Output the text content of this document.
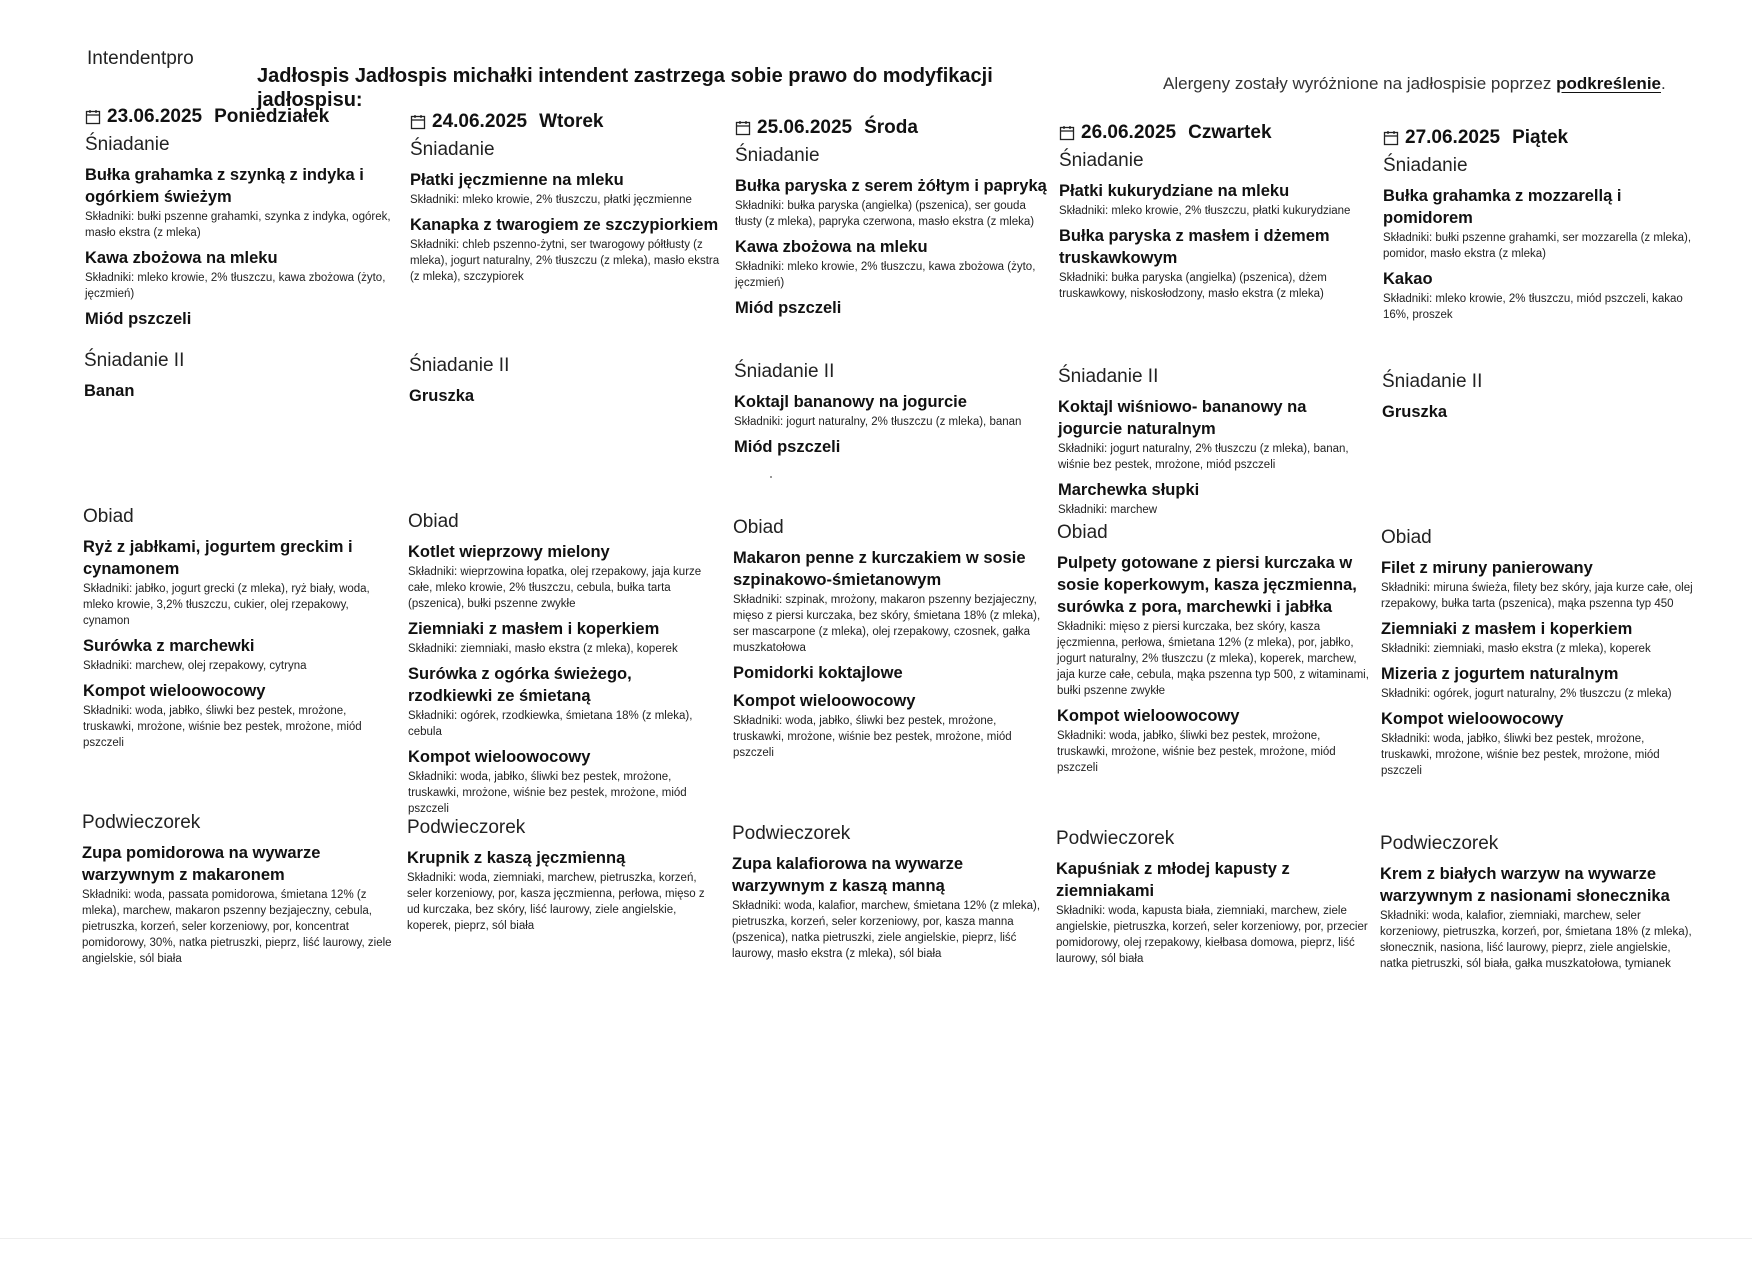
Intendentpro
Jadłospis Jadłospis michałki intendent zastrzega sobie prawo do modyfikacji jadłospisu:
Alergeny zostały wyróżnione na jadłospisie poprzez podkreślenie.
23.06.2025 Poniedziałek
Śniadanie
Bułka grahamka z szynką z indyka i ogórkiem świeżym
Składniki: bułki pszenne grahamki, szynka z indyka, ogórek, masło ekstra (z mleka)
Kawa zbożowa na mleku
Składniki: mleko krowie, 2% tłuszczu, kawa zbożowa (żyto, jęczmień)
Miód pszczeli
Śniadanie II
Banan
Obiad
Ryż z jabłkami, jogurtem greckim i cynamonem
Składniki: jabłko, jogurt grecki (z mleka), ryż biały, woda, mleko krowie, 3,2% tłuszczu, cukier, olej rzepakowy, cynamon
Surówka z marchewki
Składniki: marchew, olej rzepakowy, cytryna
Kompot wieloowocowy
Składniki: woda, jabłko, śliwki bez pestek, mrożone, truskawki, mrożone, wiśnie bez pestek, mrożone, miód pszczeli
Podwieczorek
Zupa pomidorowa na wywarze warzywnym z makaronem
Składniki: woda, passata pomidorowa, śmietana 12% (z mleka), marchew, makaron pszenny bezjajeczny, cebula, pietruszka, korzeń, seler korzeniowy, por, koncentrat pomidorowy, 30%, natka pietruszki, pieprz, liść laurowy, ziele angielskie, sól biała
24.06.2025 Wtorek
Śniadanie
Płatki jęczmienne na mleku
Składniki: mleko krowie, 2% tłuszczu, płatki jęczmienne
Kanapka z twarogiem ze szczypiorkiem
Składniki: chleb pszenno-żytni, ser twarogowy półtłusty (z mleka), jogurt naturalny, 2% tłuszczu (z mleka), masło ekstra (z mleka), szczypiorek
Śniadanie II
Gruszka
Obiad
Kotlet wieprzowy mielony
Składniki: wieprzowina łopatka, olej rzepakowy, jaja kurze całe, mleko krowie, 2% tłuszczu, cebula, bułka tarta (pszenica), bułki pszenne zwykłe
Ziemniaki z masłem i koperkiem
Składniki: ziemniaki, masło ekstra (z mleka), koperek
Surówka z ogórka świeżego, rzodkiewki ze śmietaną
Składniki: ogórek, rzodkiewka, śmietana 18% (z mleka), cebula
Kompot wieloowocowy
Składniki: woda, jabłko, śliwki bez pestek, mrożone, truskawki, mrożone, wiśnie bez pestek, mrożone, miód pszczeli
Podwieczorek
Krupnik z kaszą jęczmienną
Składniki: woda, ziemniaki, marchew, pietruszka, korzeń, seler korzeniowy, por, kasza jęczmienna, perłowa, mięso z ud kurczaka, bez skóry, liść laurowy, ziele angielskie, koperek, pieprz, sól biała
25.06.2025 Środa
Śniadanie
Bułka paryska z serem żółtym i papryką
Składniki: bułka paryska (angielka) (pszenica), ser gouda tłusty (z mleka), papryka czerwona, masło ekstra (z mleka)
Kawa zbożowa na mleku
Składniki: mleko krowie, 2% tłuszczu, kawa zbożowa (żyto, jęczmień)
Miód pszczeli
Śniadanie II
Koktajl bananowy na jogurcie
Składniki: jogurt naturalny, 2% tłuszczu (z mleka), banan
Miód pszczeli
Obiad
Makaron penne z kurczakiem w sosie szpinakowo-śmietanowym
Składniki: szpinak, mrożony, makaron pszenny bezjajeczny, mięso z piersi kurczaka, bez skóry, śmietana 18% (z mleka), ser mascarpone (z mleka), olej rzepakowy, czosnek, gałka muszkatołowa
Pomidorki koktajlowe
Kompot wieloowocowy
Składniki: woda, jabłko, śliwki bez pestek, mrożone, truskawki, mrożone, wiśnie bez pestek, mrożone, miód pszczeli
Podwieczorek
Zupa kalafiorowa na wywarze warzywnym z kaszą manną
Składniki: woda, kalafior, marchew, śmietana 12% (z mleka), pietruszka, korzeń, seler korzeniowy, por, kasza manna (pszenica), natka pietruszki, ziele angielskie, pieprz, liść laurowy, masło ekstra (z mleka), sól biała
26.06.2025 Czwartek
Śniadanie
Płatki kukurydziane na mleku
Składniki: mleko krowie, 2% tłuszczu, płatki kukurydziane
Bułka paryska z masłem i dżemem truskawkowym
Składniki: bułka paryska (angielka) (pszenica), dżem truskawkowy, niskosłodzony, masło ekstra (z mleka)
Śniadanie II
Koktajl wiśniowo- bananowy na jogurcie naturalnym
Składniki: jogurt naturalny, 2% tłuszczu (z mleka), banan, wiśnie bez pestek, mrożone, miód pszczeli
Marchewka słupki
Składniki: marchew
Obiad
Pulpety gotowane z piersi kurczaka w sosie koperkowym, kasza jęczmienna, surówka z pora, marchewki i jabłka
Składniki: mięso z piersi kurczaka, bez skóry, kasza jęczmienna, perłowa, śmietana 12% (z mleka), por, jabłko, jogurt naturalny, 2% tłuszczu (z mleka), koperek, marchew, jaja kurze całe, cebula, mąka pszenna typ 500, z witaminami, bułki pszenne zwykłe
Kompot wieloowocowy
Składniki: woda, jabłko, śliwki bez pestek, mrożone, truskawki, mrożone, wiśnie bez pestek, mrożone, miód pszczeli
Podwieczorek
Kapuśniak z młodej kapusty z ziemniakami
Składniki: woda, kapusta biała, ziemniaki, marchew, ziele angielskie, pietruszka, korzeń, seler korzeniowy, por, przecier pomidorowy, olej rzepakowy, kiełbasa domowa, pieprz, liść laurowy, sól biała
27.06.2025 Piątek
Śniadanie
Bułka grahamka z mozzarellą i pomidorem
Składniki: bułki pszenne grahamki, ser mozzarella (z mleka), pomidor, masło ekstra (z mleka)
Kakao
Składniki: mleko krowie, 2% tłuszczu, miód pszczeli, kakao 16%, proszek
Śniadanie II
Gruszka
Obiad
Filet z miruny panierowany
Składniki: miruna świeża, filety bez skóry, jaja kurze całe, olej rzepakowy, bułka tarta (pszenica), mąka pszenna typ 450
Ziemniaki z masłem i koperkiem
Składniki: ziemniaki, masło ekstra (z mleka), koperek
Mizeria z jogurtem naturalnym
Składniki: ogórek, jogurt naturalny, 2% tłuszczu (z mleka)
Kompot wieloowocowy
Składniki: woda, jabłko, śliwki bez pestek, mrożone, truskawki, mrożone, wiśnie bez pestek, mrożone, miód pszczeli
Podwieczorek
Krem z białych warzyw na wywarze warzywnym z nasionami słonecznika
Składniki: woda, kalafior, ziemniaki, marchew, seler korzeniowy, pietruszka, korzeń, por, śmietana 18% (z mleka), słonecznik, nasiona, liść laurowy, pieprz, ziele angielskie, natka pietruszki, sól biała, gałka muszkatołowa, tymianek
